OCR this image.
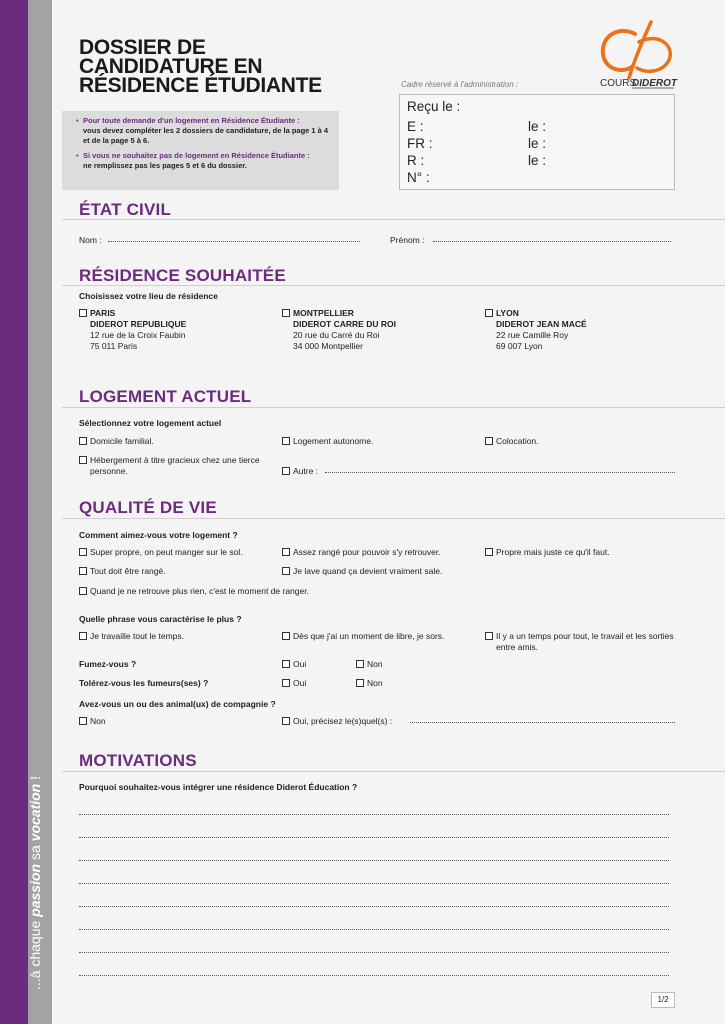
...à chaque passion sa vocation !
DOSSIER DE
CANDIDATURE EN
RÉSIDENCE ÉTUDIANTE
• Pour toute demande d'un logement en Résidence Étudiante :
vous devez compléter les 2 dossiers de candidature, de la page 1 à 4 et de la page 5 à 6.
• Si vous ne souhaitez pas de logement en Résidence Étudiante :
ne remplissez pas les pages 5 et 6 du dossier.
COURS
DIDEROT
Cadre réservé à l'administration :
Reçu le :
E :	le :
FR :	le :
R :	le :
N° :
ÉTAT CIVIL
Nom :	Prénom :
RÉSIDENCE SOUHAITÉE
Choisissez votre lieu de résidence
PARIS
DIDEROT REPUBLIQUE
12 rue de la Croix Faubin
75 011 Paris
MONTPELLIER
DIDEROT CARRE DU ROI
20 rue du Carré du Roi
34 000 Montpellier
LYON
DIDEROT JEAN MACÉ
22 rue Camille Roy
69 007 Lyon
LOGEMENT ACTUEL
Sélectionnez votre logement actuel
Domicile familial.	Logement autonome.	Colocation.
Hébergement à titre gracieux chez une tierce personne.	Autre :
QUALITÉ DE VIE
Comment aimez-vous votre logement ?
Super propre, on peut manger sur le sol.	Assez rangé pour pouvoir s'y retrouver.	Propre mais juste ce qu'il faut.
Tout doit être rangé.	Je lave quand ça devient vraiment sale.
Quand je ne retrouve plus rien, c'est le moment de ranger.
Quelle phrase vous caractérise le plus ?
Je travaille tout le temps.	Dès que j'ai un moment de libre, je sors.	Il y a un temps pour tout, le travail et les sorties entre amis.
Fumez-vous ?	Oui	Non
Tolérez-vous les fumeurs(ses) ?	Oui	Non
Avez-vous un ou des animal(ux) de compagnie ?
Non	Oui, précisez le(s)quel(s) :
MOTIVATIONS
Pourquoi souhaitez-vous intégrer une résidence Diderot Éducation ?
1/2
